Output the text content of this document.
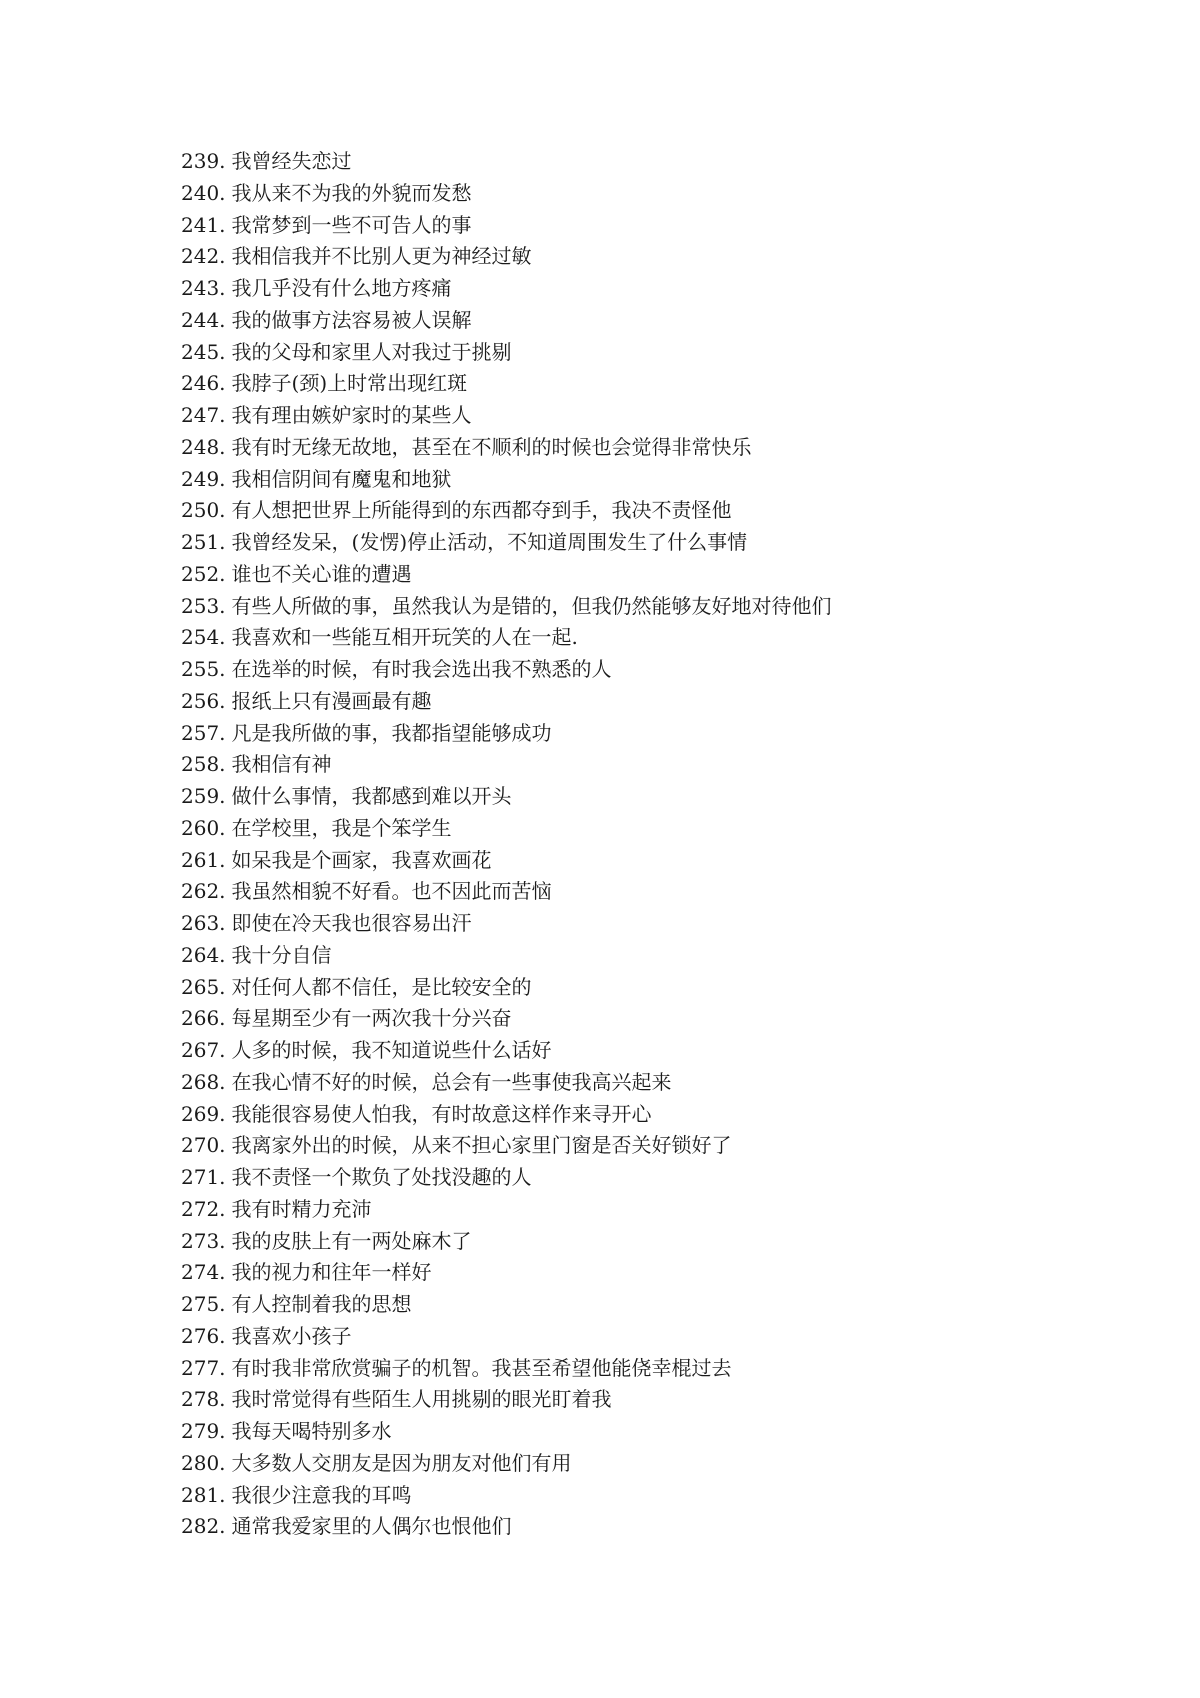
239. 我曾经失恋过
240. 我从来不为我的外貌而发愁
241. 我常梦到一些不可告人的事
242. 我相信我并不比别人更为神经过敏
243. 我几乎没有什么地方疼痛
244. 我的做事方法容易被人误解
245. 我的父母和家里人对我过于挑剔
246. 我脖子(颈)上时常出现红斑
247. 我有理由嫉妒家时的某些人
248. 我有时无缘无故地，甚至在不顺利的时候也会觉得非常快乐
249. 我相信阴间有魔鬼和地狱
250. 有人想把世界上所能得到的东西都夺到手，我决不责怪他
251. 我曾经发呆，(发愣)停止活动，不知道周围发生了什么事情
252. 谁也不关心谁的遭遇
253. 有些人所做的事，虽然我认为是错的，但我仍然能够友好地对待他们
254. 我喜欢和一些能互相开玩笑的人在一起.
255. 在选举的时候，有时我会选出我不熟悉的人
256. 报纸上只有漫画最有趣
257. 凡是我所做的事，我都指望能够成功
258. 我相信有神
259. 做什么事情，我都感到难以开头
260. 在学校里，我是个笨学生
261. 如呆我是个画家，我喜欢画花
262. 我虽然相貌不好看。也不因此而苦恼
263. 即使在冷天我也很容易出汗
264. 我十分自信
265. 对任何人都不信任，是比较安全的
266. 每星期至少有一两次我十分兴奋
267. 人多的时候，我不知道说些什么话好
268. 在我心情不好的时候，总会有一些事使我高兴起来
269. 我能很容易使人怕我，有时故意这样作来寻开心
270. 我离家外出的时候，从来不担心家里门窗是否关好锁好了
271. 我不责怪一个欺负了处找没趣的人
272. 我有时精力充沛
273. 我的皮肤上有一两处麻木了
274. 我的视力和往年一样好
275. 有人控制着我的思想
276. 我喜欢小孩子
277. 有时我非常欣赏骗子的机智。我甚至希望他能侥幸棍过去
278. 我时常觉得有些陌生人用挑剔的眼光盯着我
279. 我每天喝特别多水
280. 大多数人交朋友是因为朋友对他们有用
281. 我很少注意我的耳鸣
282. 通常我爱家里的人偶尔也恨他们
